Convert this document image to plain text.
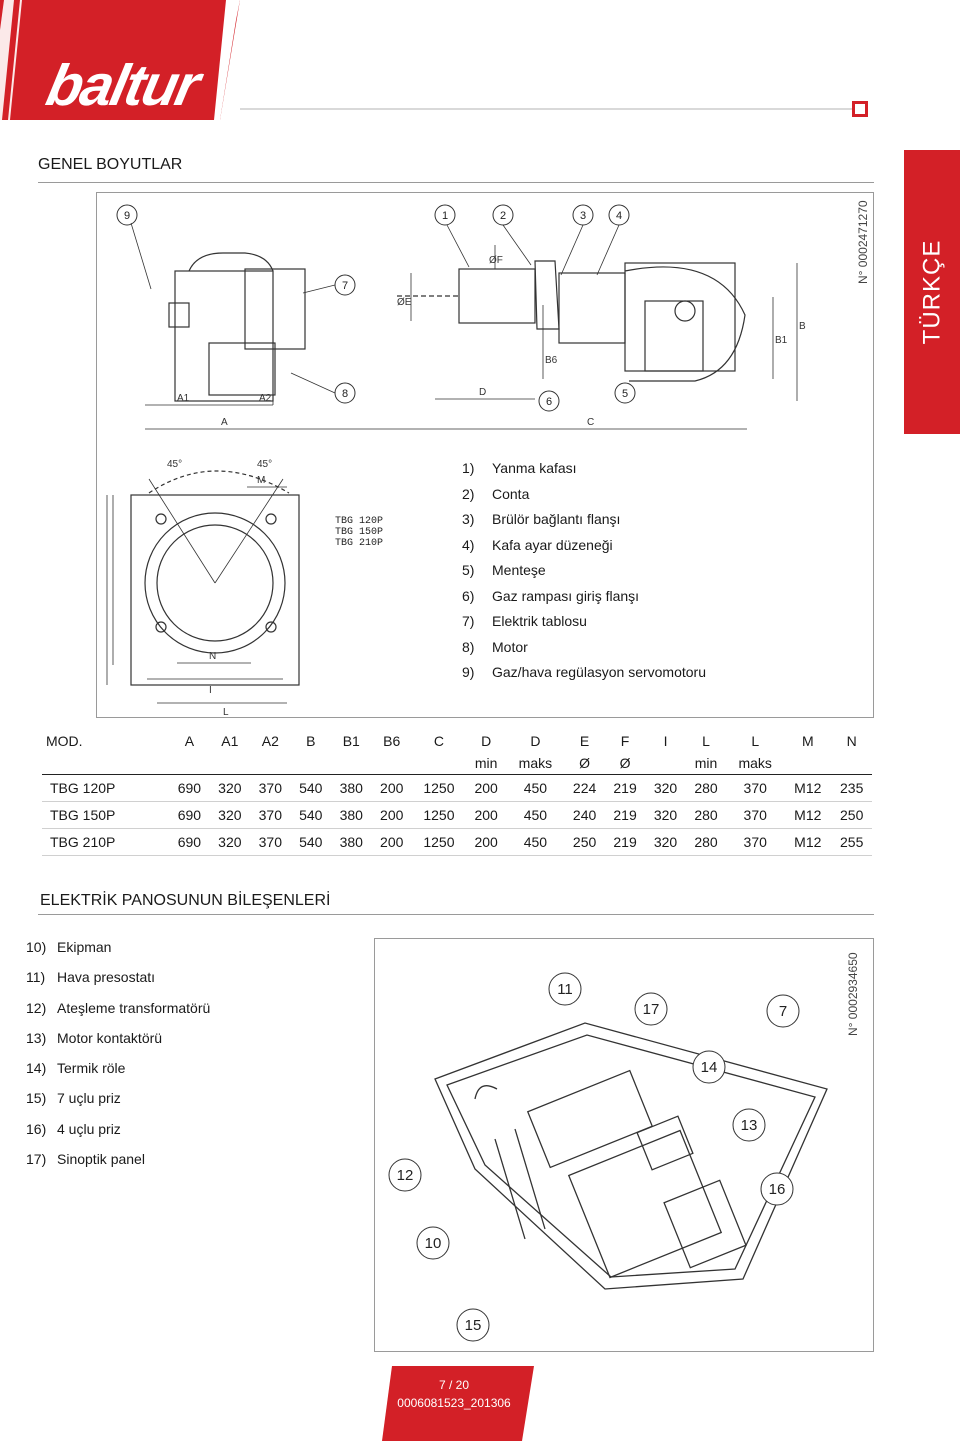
baltur
TÜRKÇE
GENEL BOYUTLAR
A1	A2
A
D
C
B6
B1
B
ØE
ØF
9	1	2	3	4
7
8
6
5
M
N
I
L
45°	45°
TBG 120P
TBG 150P
TBG 210P
N° 0002471270
1)	Yanma kafası
2)	Conta
3)	Brülör bağlantı flanşı
4)	Kafa ayar düzeneği
5)	Menteşe
6)	Gaz rampası giriş flanşı
7)	Elektrik tablosu
8)	Motor
9)	Gaz/hava regülasyon servomotoru
MOD.	A	A1	A2	B	B1	B6	C	D	D	E	F	I	L	L	M	N
								min	maks	Ø	Ø		min	maks		
TBG 120P	690	320	370	540	380	200	1250	200	450	224	219	320	280	370	M12	235
TBG 150P	690	320	370	540	380	200	1250	200	450	240	219	320	280	370	M12	250
TBG 210P	690	320	370	540	380	200	1250	200	450	250	219	320	280	370	M12	255
ELEKTRİK PANOSUNUN BİLEŞENLERİ
10) Ekipman
11) Hava presostatı
12) Ateşleme transformatörü
13) Motor kontaktörü
14) Termik röle
15) 7 uçlu priz
16) 4 uçlu priz
17) Sinoptik panel
11
17	7
14
13
12
16
10
15
N° 0002934650
7 / 20
0006081523_201306
